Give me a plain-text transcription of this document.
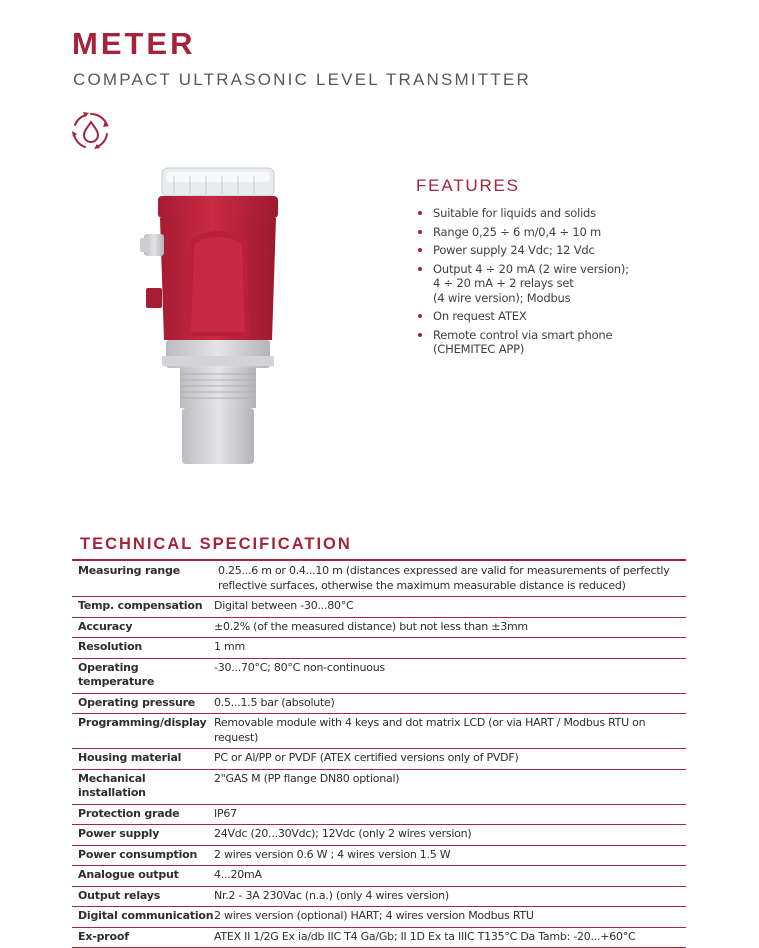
METER
COMPACT ULTRASONIC LEVEL TRANSMITTER
FEATURES
Suitable for liquids and solids
Range 0,25 ÷ 6 m/0,4 ÷ 10 m
Power supply 24 Vdc; 12 Vdc
Output 4 ÷ 20 mA (2 wire version);
4 ÷ 20 mA + 2 relays set
(4 wire version); Modbus
On request ATEX
Remote control via smart phone
(CHEMITEC APP)
TECHNICAL SPECIFICATION
Measuring range	0.25...6 m or 0.4...10 m (distances expressed are valid for measurements of perfectly reflective surfaces, otherwise the maximum measurable distance is reduced)
Temp. compensation	Digital between -30...80°C
Accuracy	±0.2% (of the measured distance) but not less than ±3mm
Resolution	1 mm
Operating temperature	-30...70°C; 80°C non-continuous
Operating pressure	0.5...1.5 bar (absolute)
Programming/display	Removable module with 4 keys and dot matrix LCD (or via HART / Modbus RTU on request)
Housing material	PC or Al/PP or PVDF (ATEX certified versions only of PVDF)
Mechanical installation	2"GAS M (PP flange DN80 optional)
Protection grade	IP67
Power supply	24Vdc (20...30Vdc); 12Vdc (only 2 wires version)
Power consumption	2 wires version 0.6 W ; 4 wires version 1.5 W
Analogue output	4...20mA
Output relays	Nr.2 - 3A 230Vac (n.a.) (only 4 wires version)
Digital communication	2 wires version (optional) HART; 4 wires version Modbus RTU
Ex-proof	ATEX II 1/2G Ex ia/db IIC T4 Ga/Gb; II 1D Ex ta IIIC T135°C Da Tamb: -20...+60°C
